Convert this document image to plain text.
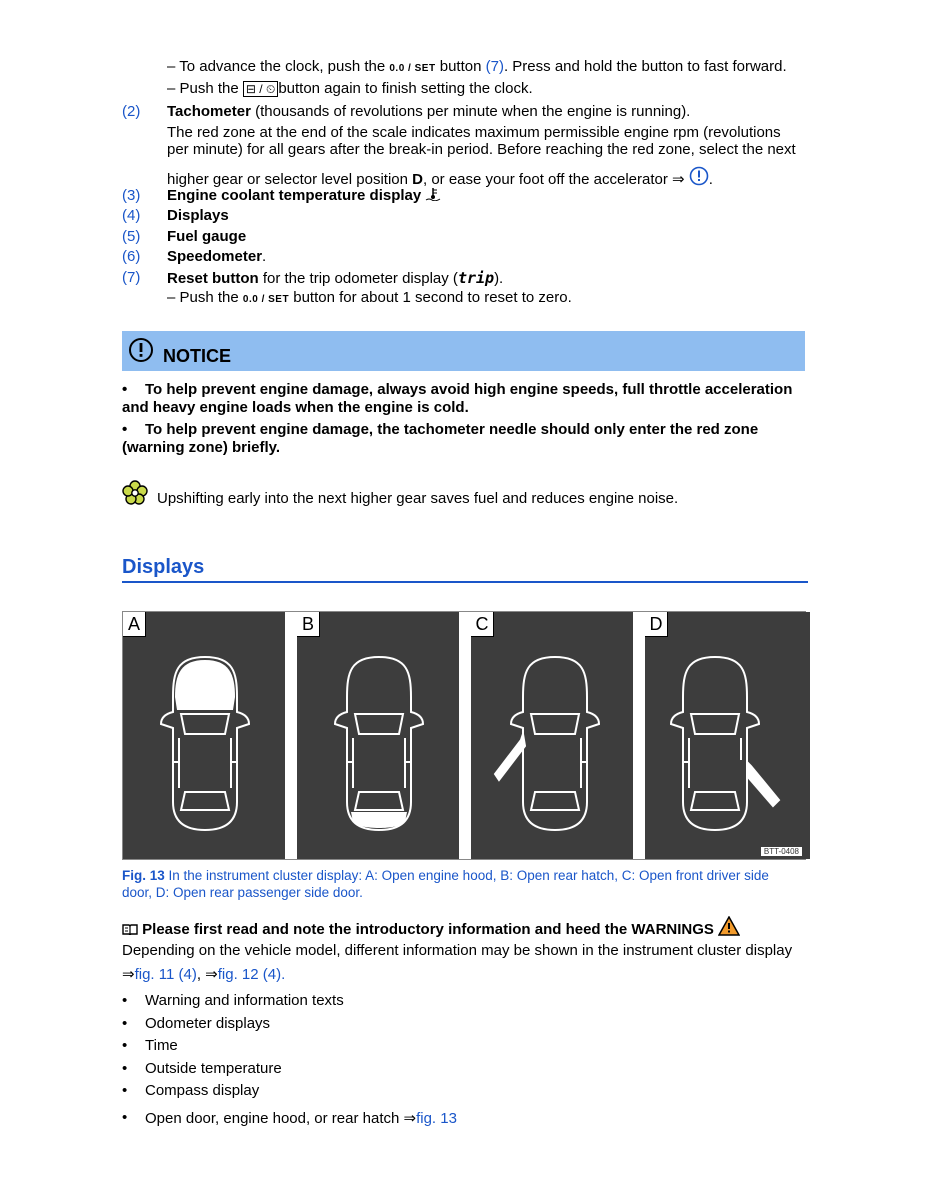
– To advance the clock, push the 0.0 / SET button (7). Press and hold the button to fast forward.
– Push the ⊟ / ⏲ button again to finish setting the clock.
(2) Tachometer (thousands of revolutions per minute when the engine is running).
The red zone at the end of the scale indicates maximum permissible engine rpm (revolutions
per minute) for all gears after the break-in period. Before reaching the red zone, select the next
higher gear or selector level position D, or ease your foot off the accelerator ⇒ .
(3) Engine coolant temperature display
(4) Displays
(5) Fuel gauge
(6) Speedometer.
(7) Reset button for the trip odometer display (trip).
– Push the 0.0 / SET button for about 1 second to reset to zero.
NOTICE
• To help prevent engine damage, always avoid high engine speeds, full throttle acceleration
and heavy engine loads when the engine is cold.
• To help prevent engine damage, the tachometer needle should only enter the red zone
(warning zone) briefly.
Upshifting early into the next higher gear saves fuel and reduces engine noise.
Displays
A	B	C	D
BTT-0408
Fig. 13 In the instrument cluster display: A: Open engine hood, B: Open rear hatch, C: Open front driver side
door, D: Open rear passenger side door.
Please first read and note the introductory information and heed the WARNINGS
Depending on the vehicle model, different information may be shown in the instrument cluster display
⇒fig. 11 (4), ⇒fig. 12 (4).
• Warning and information texts
• Odometer displays
• Time
• Outside temperature
• Compass display
• Open door, engine hood, or rear hatch ⇒fig. 13
